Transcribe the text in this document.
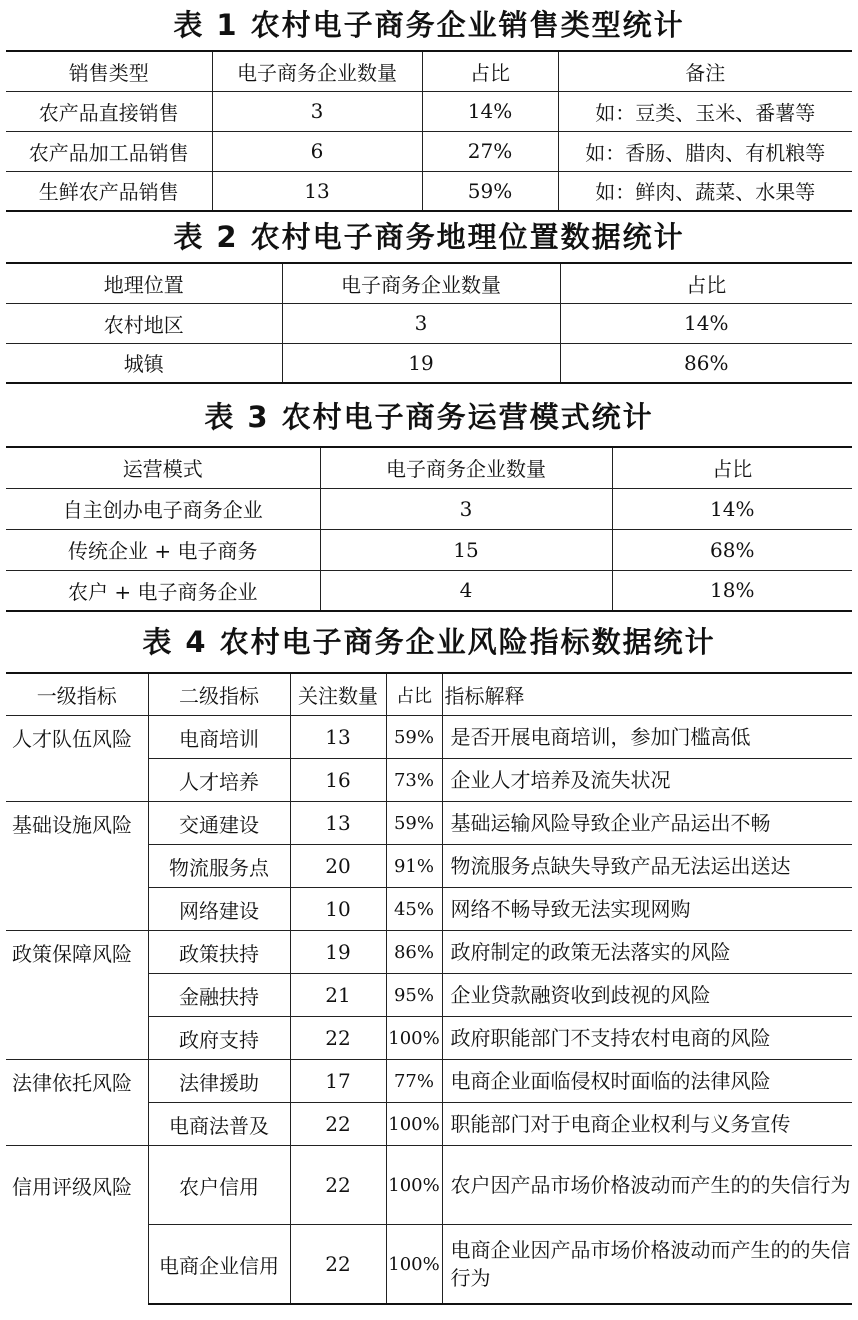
表 1 农村电子商务企业销售类型统计
销售类型	电子商务企业数量	占比	备注
农产品直接销售	3	14%	如：豆类、玉米、番薯等
农产品加工品销售	6	27%	如：香肠、腊肉、有机粮等
生鲜农产品销售	13	59%	如：鲜肉、蔬菜、水果等
表 2 农村电子商务地理位置数据统计
地理位置	电子商务企业数量	占比
农村地区	3	14%
城镇	19	86%
表 3 农村电子商务运营模式统计
运营模式	电子商务企业数量	占比
自主创办电子商务企业	3	14%
传统企业 + 电子商务	15	68%
农户 + 电子商务企业	4	18%
表 4 农村电子商务企业风险指标数据统计
一级指标	二级指标	关注数量	占比	指标解释
人才队伍风险	电商培训	13	59%	是否开展电商培训，参加门槛高低
	人才培养	16	73%	企业人才培养及流失状况
基础设施风险	交通建设	13	59%	基础运输风险导致企业产品运出不畅
	物流服务点	20	91%	物流服务点缺失导致产品无法运出送达
	网络建设	10	45%	网络不畅导致无法实现网购
政策保障风险	政策扶持	19	86%	政府制定的政策无法落实的风险
	金融扶持	21	95%	企业贷款融资收到歧视的风险
	政府支持	22	100%	政府职能部门不支持农村电商的风险
法律依托风险	法律援助	17	77%	电商企业面临侵权时面临的法律风险
	电商法普及	22	100%	职能部门对于电商企业权利与义务宣传
信用评级风险	农户信用	22	100%	农户因产品市场价格波动而产生的的失信行为
	电商企业信用	22	100%	电商企业因产品市场价格波动而产生的的失信行为
